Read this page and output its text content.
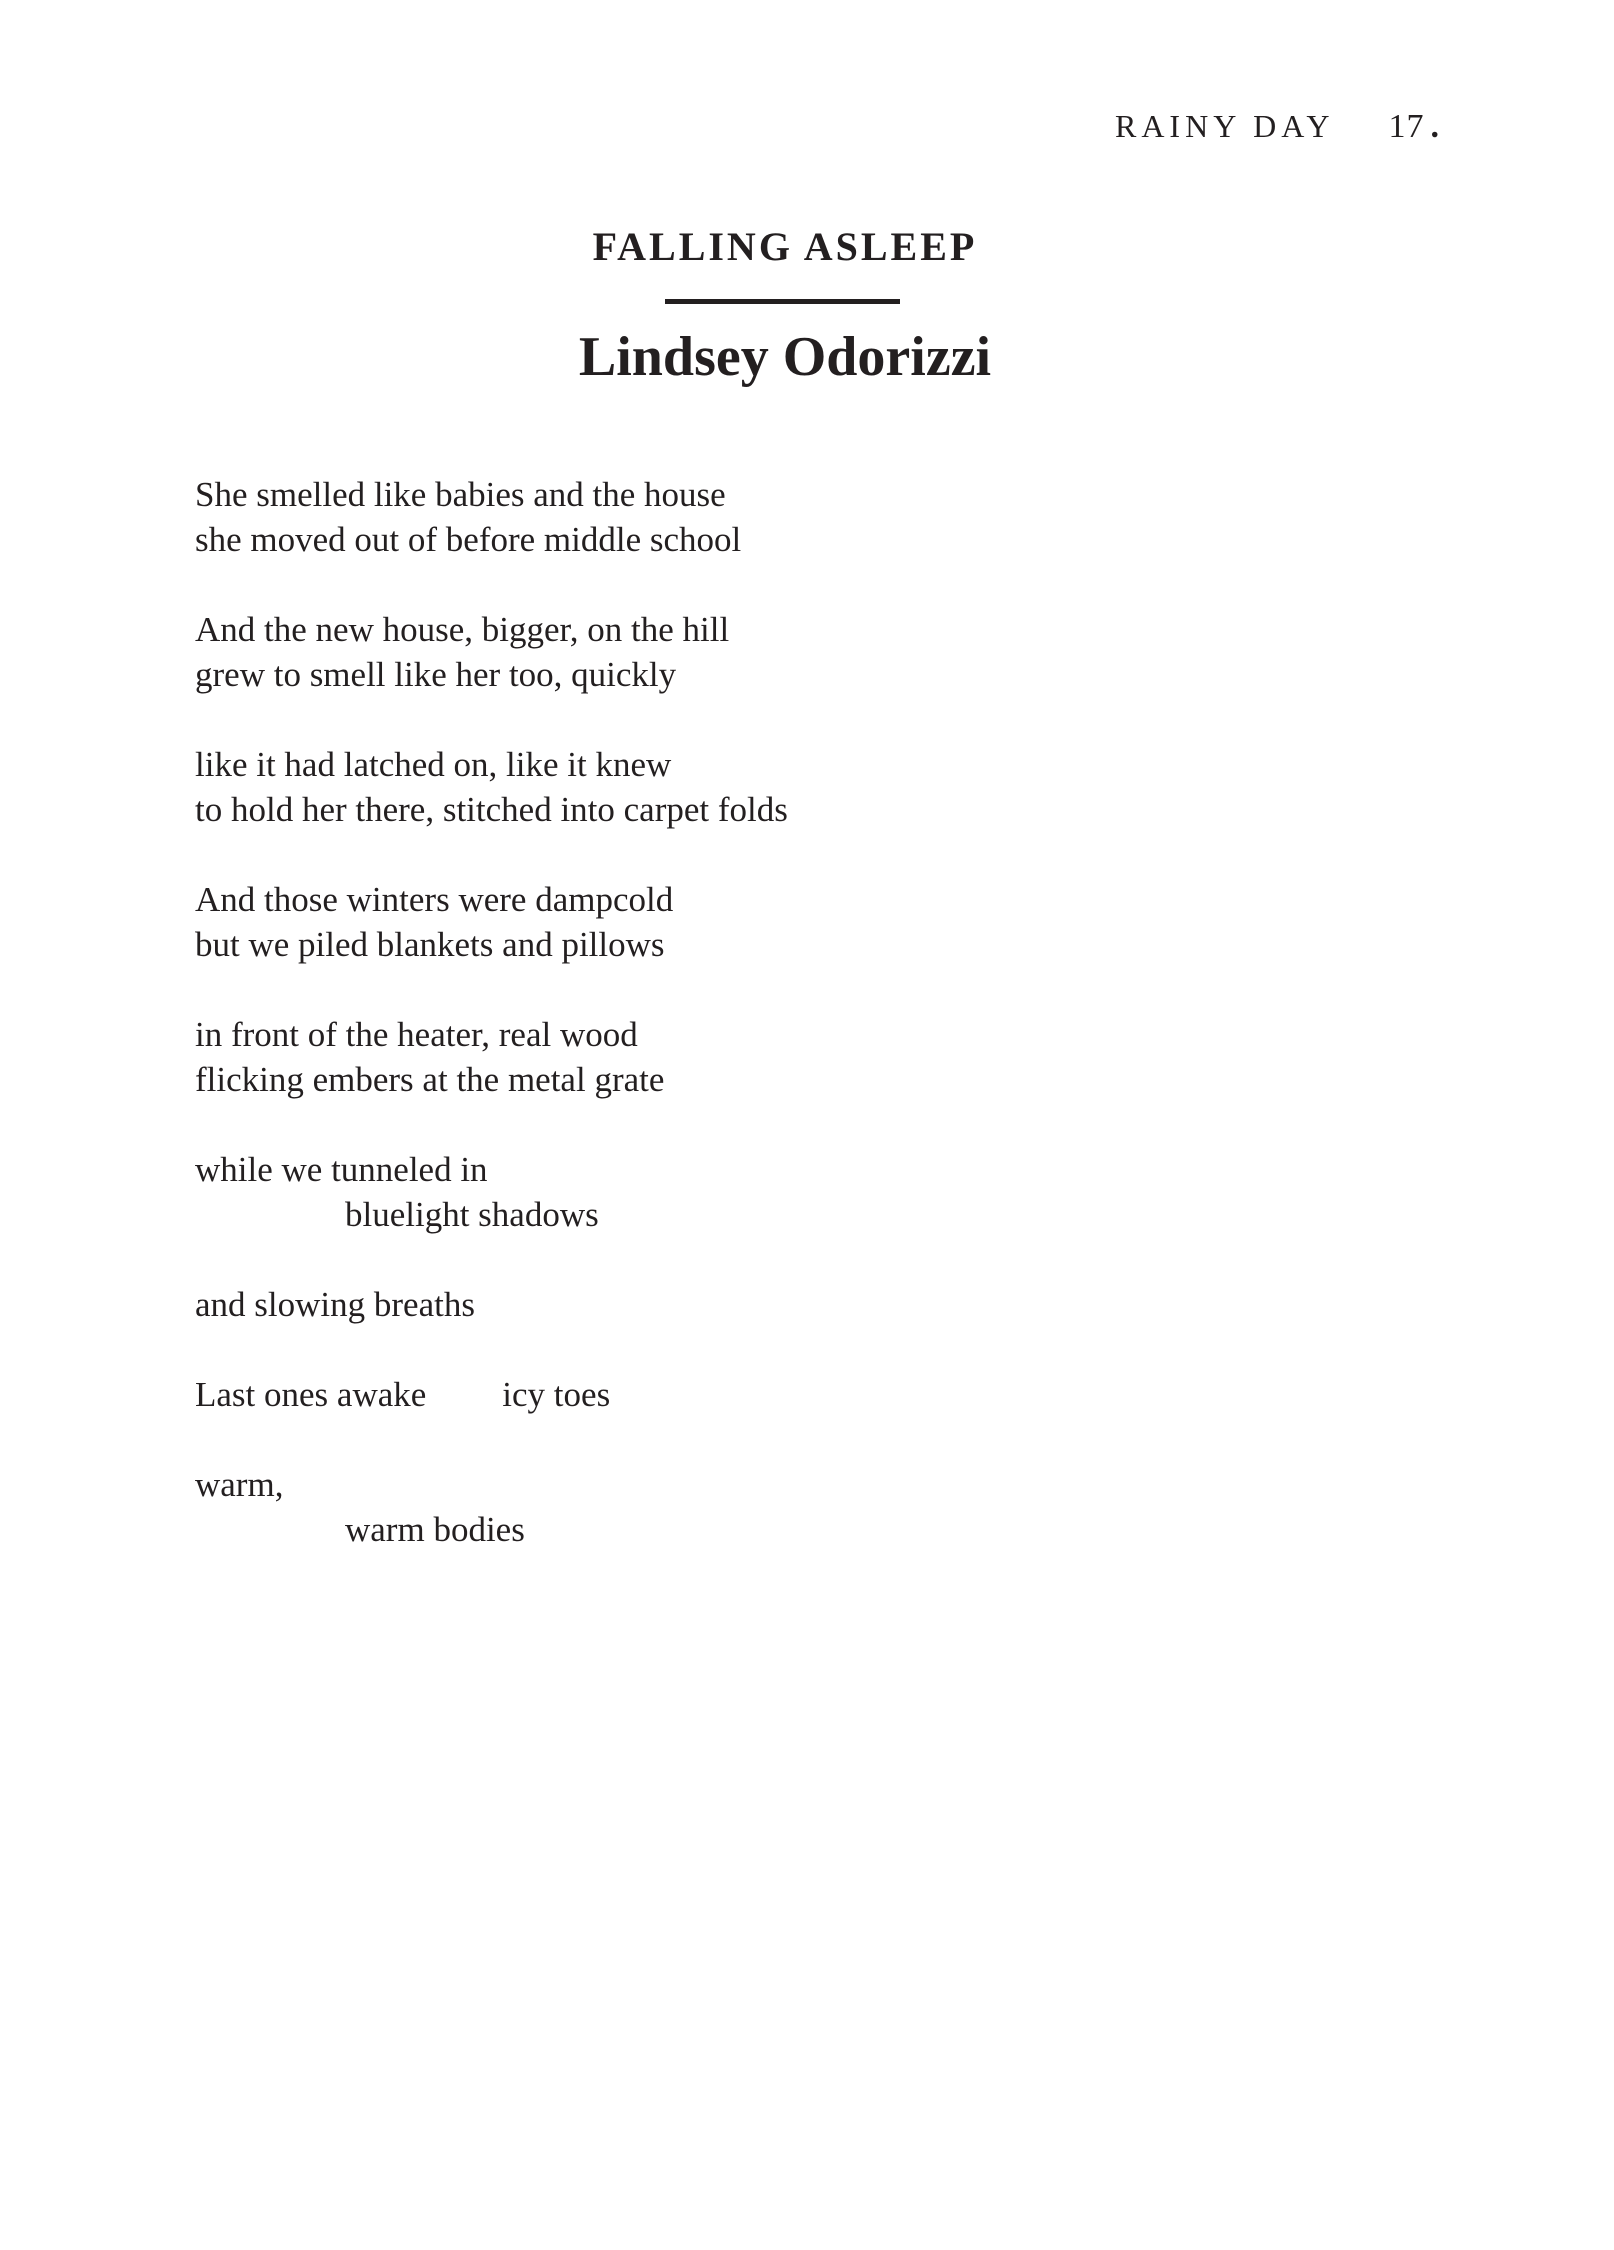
RAINY DAY 17 .
FALLING ASLEEP
Lindsey Odorizzi
She smelled like babies and the house
she moved out of before middle school
And the new house, bigger, on the hill
grew to smell like her too, quickly
like it had latched on, like it knew
to hold her there, stitched into carpet folds
And those winters were dampcold
but we piled blankets and pillows
in front of the heater, real wood
flicking embers at the metal grate
while we tunneled in
bluelight shadows
and slowing breaths
Last ones awake icy toes
warm,
warm bodies
